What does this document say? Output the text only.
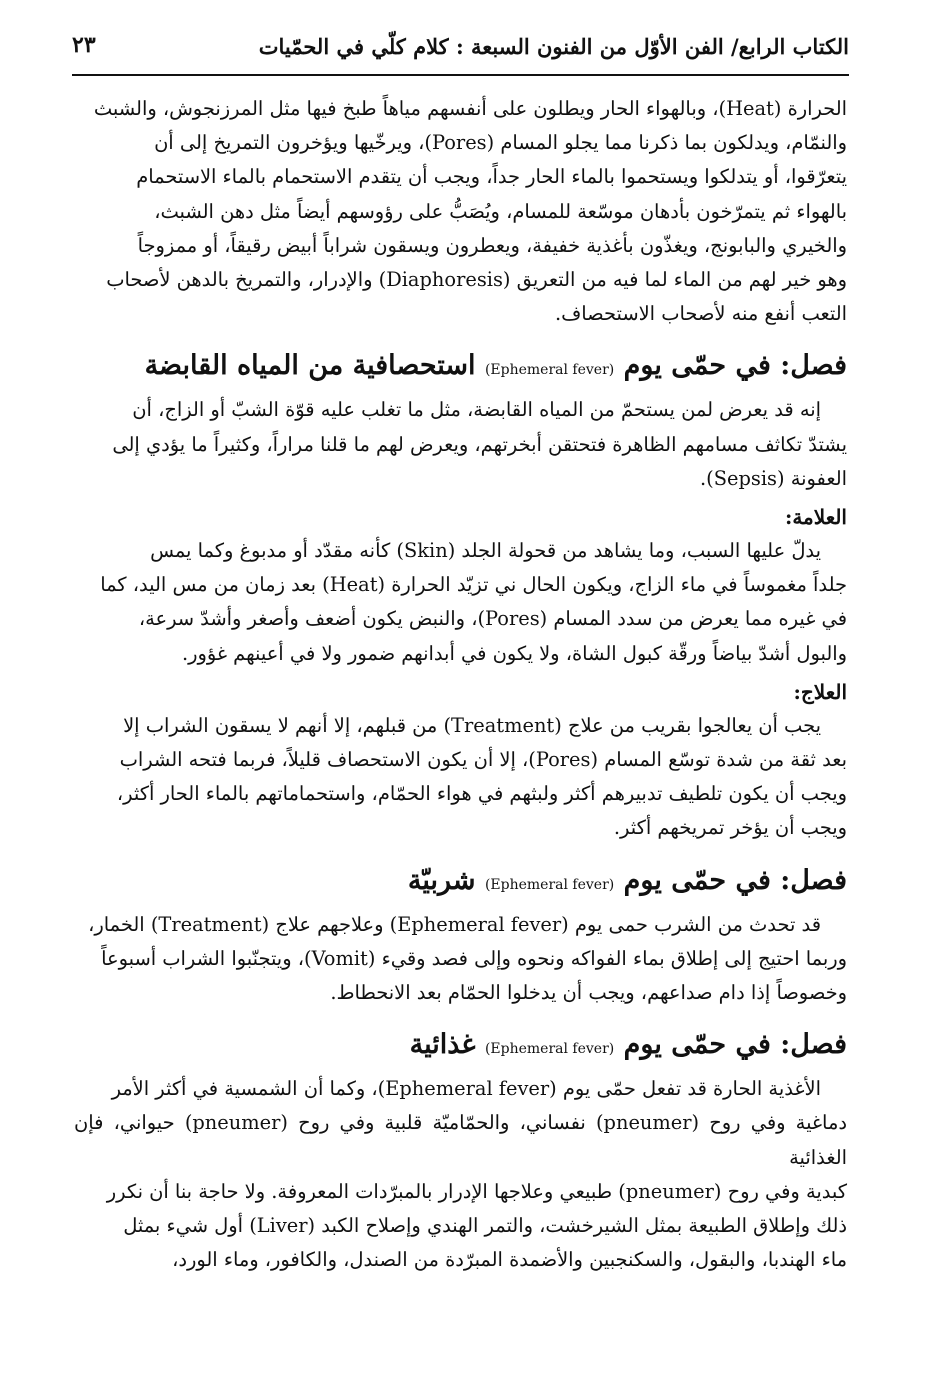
الكتاب الرابع/ الفن الأوّل من الفنون السبعة : كلام كلّي في الحمّيات
٢٣

الحرارة (Heat)، وبالهواء الحار ويطلون على أنفسهم مياهاً طبخ فيها مثل المرزنجوش، والشبث

والنمّام، ويدلكون بما ذكرنا مما يجلو المسام (Pores)، ويرخّيها ويؤخرون التمريخ إلى أن

يتعرّقوا، أو يتدلكوا ويستحموا بالماء الحار جداً، ويجب أن يتقدم الاستحمام بالماء الاستحمام

بالهواء ثم يتمرّخون بأدهان موسّعة للمسام، ويُصَبُّ على رؤوسهم أيضاً مثل دهن الشبث،

والخيري والبابونج، ويغذّون بأغذية خفيفة، ويعطرون ويسقون شراباً أبيض رقيقاً، أو ممزوجاً

وهو خير لهم من الماء لما فيه من التعريق (Diaphoresis) والإدرار، والتمريخ بالدهن لأصحاب

التعب أنفع منه لأصحاب الاستحصاف.

فصل: في حمّى يوم (Ephemeral fever) استحصافية من المياه القابضة

إنه قد يعرض لمن يستحمّ من المياه القابضة، مثل ما تغلب عليه قوّة الشبّ أو الزاج، أن

يشتدّ تكاثف مسامهم الظاهرة فتحتقن أبخرتهم، ويعرض لهم ما قلنا مراراً، وكثيراً ما يؤدي إلى

العفونة (Sepsis).

العلامة:

يدلّ عليها السبب، وما يشاهد من قحولة الجلد (Skin) كأنه مقدّد أو مدبوغ وكما يمس

جلداً مغموساً في ماء الزاج، ويكون الحال ني تزيّد الحرارة (Heat) بعد زمان من مس اليد، كما

في غيره مما يعرض من سدد المسام (Pores)، والنبض يكون أضعف وأصغر وأشدّ سرعة،

والبول أشدّ بياضاً ورقّة كبول الشاة، ولا يكون في أبدانهم ضمور ولا في أعينهم غؤور.

العلاج:

يجب أن يعالجوا بقريب من علاج (Treatment) من قبلهم، إلا أنهم لا يسقون الشراب إلا

بعد ثقة من شدة توسّع المسام (Pores)، إلا أن يكون الاستحصاف قليلاً، فربما فتحه الشراب

ويجب أن يكون تلطيف تدبيرهم أكثر ولبثهم في هواء الحمّام، واستحماماتهم بالماء الحار أكثر،

ويجب أن يؤخر تمريخهم أكثر.

فصل: في حمّى يوم (Ephemeral fever) شربيّة

قد تحدث من الشرب حمى يوم (Ephemeral fever) وعلاجهم علاج (Treatment) الخمار،

وربما احتيج إلى إطلاق بماء الفواكه ونحوه وإلى فصد وقيء (Vomit)، ويتجنّبوا الشراب أسبوعاً

وخصوصاً إذا دام صداعهم، ويجب أن يدخلوا الحمّام بعد الانحطاط.

فصل: في حمّى يوم (Ephemeral fever) غذائية

الأغذية الحارة قد تفعل حمّى يوم (Ephemeral fever)، وكما أن الشمسية في أكثر الأمر

دماغية وفي روح (pneumer) نفساني، والحمّاميّة قلبية وفي روح (pneumer) حيواني، فإن الغذائية

كبدية وفي روح (pneumer) طبيعي وعلاجها الإدرار بالمبرّدات المعروفة. ولا حاجة بنا أن نكرر

ذلك وإطلاق الطبيعة بمثل الشيرخشت، والتمر الهندي وإصلاح الكبد (Liver) أول شيء بمثل

ماء الهندبا، والبقول، والسكنجبين والأضمدة المبرّدة من الصندل، والكافور، وماء الورد،
